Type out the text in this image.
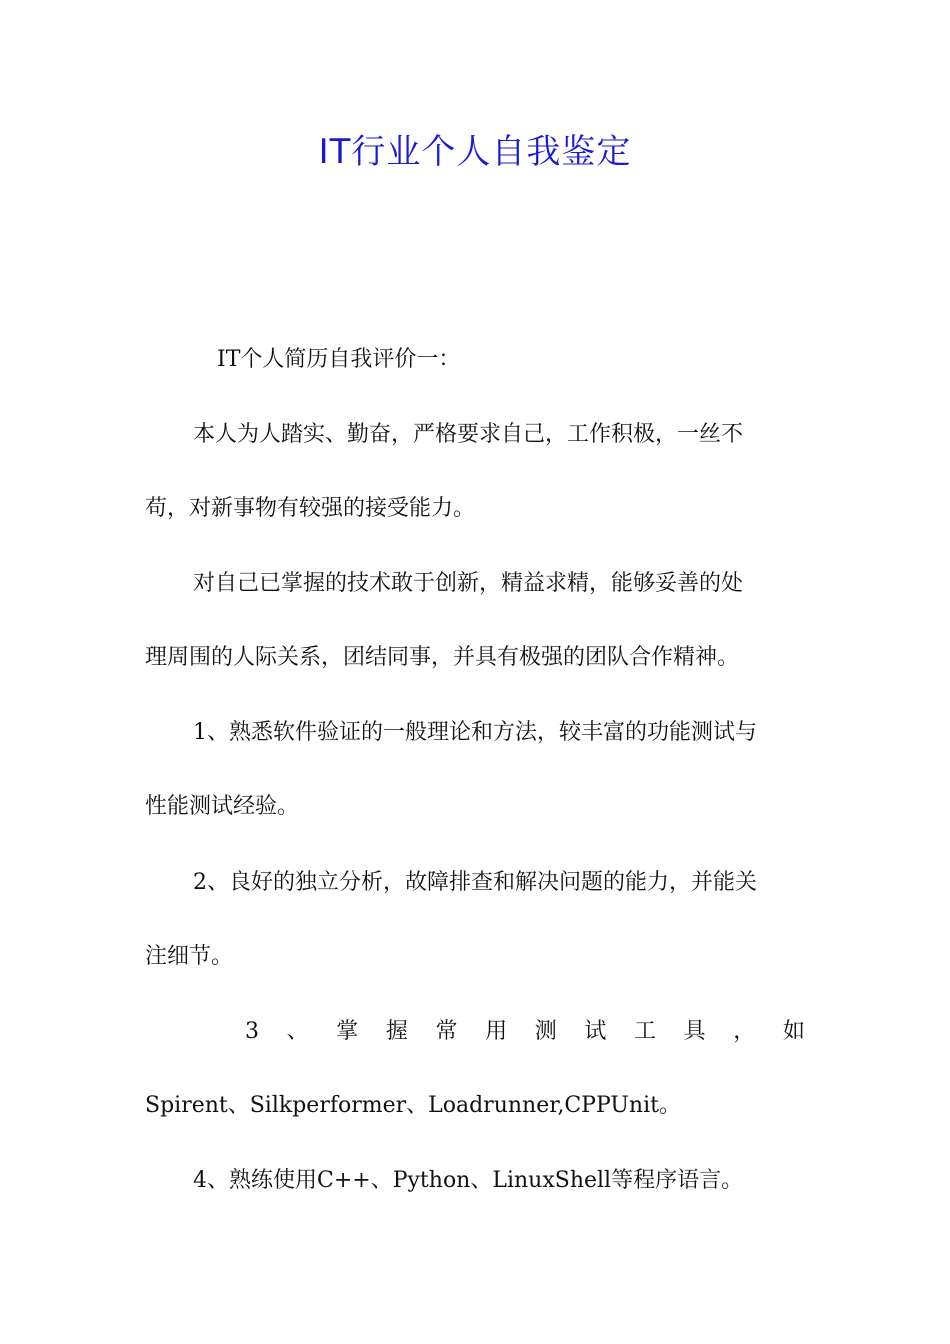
IT行业个人自我鉴定
IT个人简历自我评价一：
本人为人踏实、勤奋，严格要求自己，工作积极，一丝不
苟，对新事物有较强的接受能力。
对自己已掌握的技术敢于创新，精益求精，能够妥善的处
理周围的人际关系，团结同事，并具有极强的团队合作精神。
1、熟悉软件验证的一般理论和方法，较丰富的功能测试与
性能测试经验。
2、良好的独立分析，故障排查和解决问题的能力，并能关
注细节。
3 、 掌 握 常 用 测 试 工 具 ， 如
Spirent、Silkperformer、Loadrunner,CPPUnit。
4、熟练使用C++、Python、LinuxShell等程序语言。
